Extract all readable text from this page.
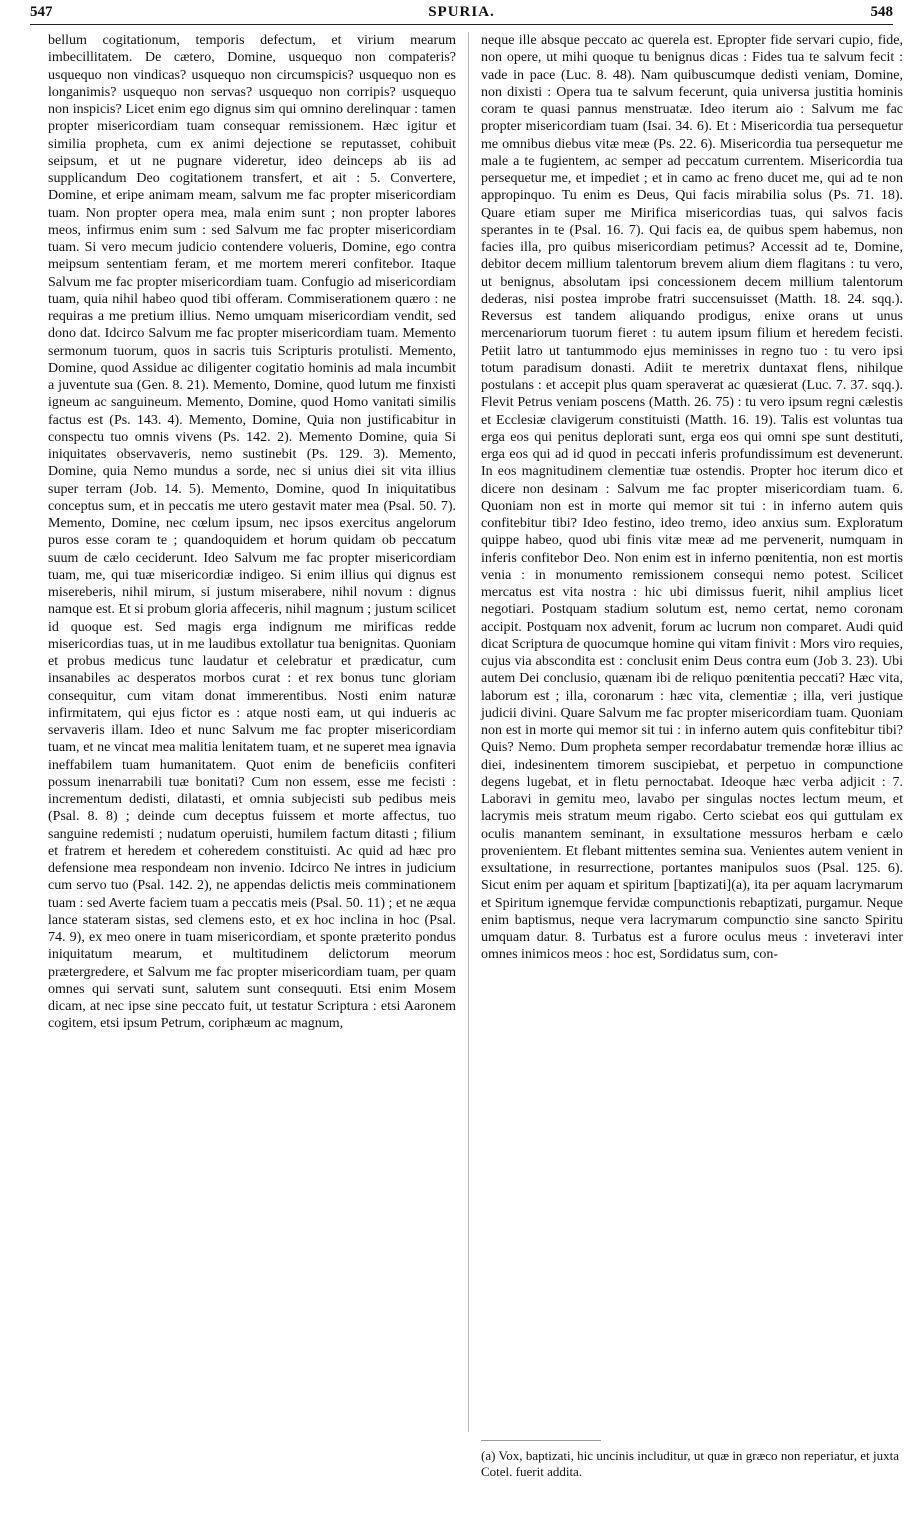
547	SPURIA.	548

bellum cogitationum, temporis defectum, et virium mearum imbecillitatem. De cætero, Domine, usquequo non compateris? usquequo non vindicas? usquequo non circumspicis? usquequo non es longanimis? usquequo non servas? usquequo non corripis? usquequo non inspicis? Licet enim ego dignus sim qui omnino derelinquar : tamen propter misericordiam tuam consequar remissionem. Hæc igitur et similia propheta, cum ex animi dejectione se reputasset, cohibuit seipsum, et ut ne pugnare videretur, ideo deinceps ab iis ad supplicandum Deo cogitationem transfert, et ait : 5. Convertere, Domine, et eripe animam meam, salvum me fac propter misericordiam tuam. Non propter opera mea, mala enim sunt ; non propter labores meos, infirmus enim sum : sed Salvum me fac propter misericordiam tuam. Si vero mecum judicio contendere volueris, Domine, ego contra meipsum sententiam feram, et me mortem mereri confitebor. Itaque Salvum me fac propter misericordiam tuam. Confugio ad misericordiam tuam, quia nihil habeo quod tibi offeram. Commiserationem quæro : ne requiras a me pretium illius. Nemo umquam misericordiam vendit, sed dono dat. Idcirco Salvum me fac propter misericordiam tuam. Memento sermonum tuorum, quos in sacris tuis Scripturis protulisti. Memento, Domine, quod Assidue ac diligenter cogitatio hominis ad mala incumbit a juventute sua (Gen. 8. 21). Memento, Domine, quod lutum me finxisti igneum ac sanguineum. Memento, Domine, quod Homo vanitati similis factus est (Ps. 143. 4). Memento, Domine, Quia non justificabitur in conspectu tuo omnis vivens (Ps. 142. 2). Memento Domine, quia Si iniquitates observaveris, nemo sustinebit (Ps. 129. 3). Memento, Domine, quia Nemo mundus a sorde, nec si unius diei sit vita illius super terram (Job. 14. 5). Memento, Domine, quod In iniquitatibus conceptus sum, et in peccatis me utero gestavit mater mea (Psal. 50. 7). Memento, Domine, nec cœlum ipsum, nec ipsos exercitus angelorum puros esse coram te ; quandoquidem et horum quidam ob peccatum suum de cælo ceciderunt. Ideo Salvum me fac propter misericordiam tuam, me, qui tuæ misericordiæ indigeo. Si enim illius qui dignus est misereberis, nihil mirum, si justum miseraberе, nihil novum : dignus namque est. Et si probum gloria affeceris, nihil magnum ; justum scilicet id quoque est. Sed magis erga indignum me mirificas redde misericordias tuas, ut in me laudibus extollatur tua benignitas. Quoniam et probus medicus tunc laudatur et celebratur et prædicatur, cum insanabiles ac desperatos morbos curat : et rex bonus tunc gloriam consequitur, cum vitam donat immerentibus. Nosti enim naturæ infirmitatem, qui ejus fictor es : atque nosti eam, ut qui indueris ac servaveris illam. Ideo et nunc Salvum me fac propter misericordiam tuam, et ne vincat mea malitia lenitatem tuam, et ne superet mea ignavia ineffabilem tuam humanitatem. Quot enim de beneficiis confiteri possum inenarrabili tuæ bonitati? Cum non essem, esse me fecisti : incrementum dedisti, dilatasti, et omnia subjecisti sub pedibus meis (Psal. 8. 8) ; deinde cum deceptus fuissem et morte affectus, tuo sanguine redemisti ; nudatum operuisti, humilem factum ditasti ; filium et fratrem et heredem et coheredem constituisti. Ac quid ad hæc pro defensione mea respondeam non invenio. Idcirco Ne intres in judicium cum servo tuo (Psal. 142. 2), ne appendas delictis meis comminationem tuam : sed Averte faciem tuam a peccatis meis (Psal. 50. 11) ; et ne æqua lance stateram sistas, sed clemens esto, et ex hoc inclina in hoc (Psal. 74. 9), ex meo onere in tuam misericordiam, et sponte præterito pondus iniquitatum mearum, et multitudinem delictorum meorum prætergredere, et Salvum me fac propter misericordiam tuam, per quam omnes qui servati sunt, salutem sunt consequuti. Etsi enim Mosem dicam, at nec ipse sine peccato fuit, ut testatur Scriptura : etsi Aaronem cogitem, etsi ipsum Petrum, coriphæum ac magnum,

neque ille absque peccato ac querela est. Epropter fide servari cupio, fide, non opere, ut mihi quoque tu benignus dicas : Fides tua te salvum fecit : vade in pace (Luc. 8. 48). Nam quibuscumque dedisti veniam, Domine, non dixisti : Opera tua te salvum fecerunt, quia universa justitia hominis coram te quasi pannus menstruatæ. Ideo iterum aio : Salvum me fac propter misericordiam tuam (Isai. 34. 6). Et : Misericordia tua persequetur me omnibus diebus vitæ meæ (Ps. 22. 6). Misericordia tua persequetur me male a te fugientem, ac semper ad peccatum currentem. Misericordia tua persequetur me, et impediet ; et in camo ac freno ducet me, qui ad te non appropinquo. Tu enim es Deus, Qui facis mirabilia solus (Ps. 71. 18). Quare etiam super me Mirifica misericordias tuas, qui salvos facis sperantes in te (Psal. 16. 7). Qui facis ea, de quibus spem habemus, non facies illa, pro quibus misericordiam petimus? Accessit ad te, Domine, debitor decem millium talentorum brevem alium diem flagitans : tu vero, ut benignus, absolutam ipsi concessionem decem millium talentorum dederas, nisi postea improbe fratri succensuisset (Matth. 18. 24. sqq.). Reversus est tandem aliquando prodigus, enixe orans ut unus mercenariorum tuorum fieret : tu autem ipsum filium et heredem fecisti. Petiit latro ut tantummodo ejus meminisses in regno tuo : tu vero ipsi totum paradisum donasti. Adiit te meretrix duntaxat flens, nihilque postulans : et accepit plus quam speraverat ac quæsierat (Luc. 7. 37. sqq.). Flevit Petrus veniam poscens (Matth. 26. 75) : tu vero ipsum regni cælestis et Ecclesiæ clavigerum constituisti (Matth. 16. 19). Talis est voluntas tua erga eos qui penitus deplorati sunt, erga eos qui omni spe sunt destituti, erga eos qui ad id quod in peccati inferis profundissimum est devenerunt. In eos magnitudinem clementiæ tuæ ostendis. Propter hoc iterum dico et dicere non desinam : Salvum me fac propter misericordiam tuam. 6. Quoniam non est in morte qui memor sit tui : in inferno autem quis confitebitur tibi? Ideo festino, ideo tremo, ideo anxius sum. Exploratum quippe habeo, quod ubi finis vitæ meæ ad me pervenerit, numquam in inferis confitebor Deo. Non enim est in inferno pœnitentia, non est mortis venia : in monumento remissionem consequi nemo potest. Scilicet mercatus est vita nostra : hic ubi dimissus fuerit, nihil amplius licet negotiari. Postquam stadium solutum est, nemo certat, nemo coronam accipit. Postquam nox advenit, forum ac lucrum non comparet. Audi quid dicat Scriptura de quocumque homine qui vitam finivit : Mors viro requies, cujus via abscondita est : conclusit enim Deus contra eum (Job 3. 23). Ubi autem Dei conclusio, quænam ibi de reliquo pœnitentia peccati? Hæc vita, laborum est ; illa, coronarum : hæc vita, clementiæ ; illa, veri justique judicii divini. Quare Salvum me fac propter misericordiam tuam. Quoniam non est in morte qui memor sit tui : in inferno autem quis confitebitur tibi? Quis? Nemo. Dum propheta semper recordabatur tremendæ horæ illius ac diei, indesinentem timorem suscipiebat, et perpetuo in compunctione degens lugebat, et in fletu pernoctabat. Ideoque hæc verba adjicit : 7. Laboravi in gemitu meo, lavabo per singulas noctes lectum meum, et lacrymis meis stratum meum rigabo. Certo sciebat eos qui guttulam ex oculis manantem seminant, in exsultatione messuros herbam e cælo provenientem. Et flebant mittentes semina sua. Venientes autem venient in exsultatione, in resurrectione, portantes manipulos suos (Psal. 125. 6). Sicut enim per aquam et spiritum [baptizati](a), ita per aquam lacrymarum et Spiritum ignemque fervidæ compunctionis rebaptizati, purgamur. Neque enim baptismus, neque vera lacrymarum compunctio sine sancto Spiritu umquam datur. 8. Turbatus est a furore oculus meus : inveteravi inter omnes inimicos meos : hoc est, Sordidatus sum, con-

(a) Vox, baptizati, hic uncinis includitur, ut quæ in græco non reperiatur, et juxta Cotel. fuerit addita.
